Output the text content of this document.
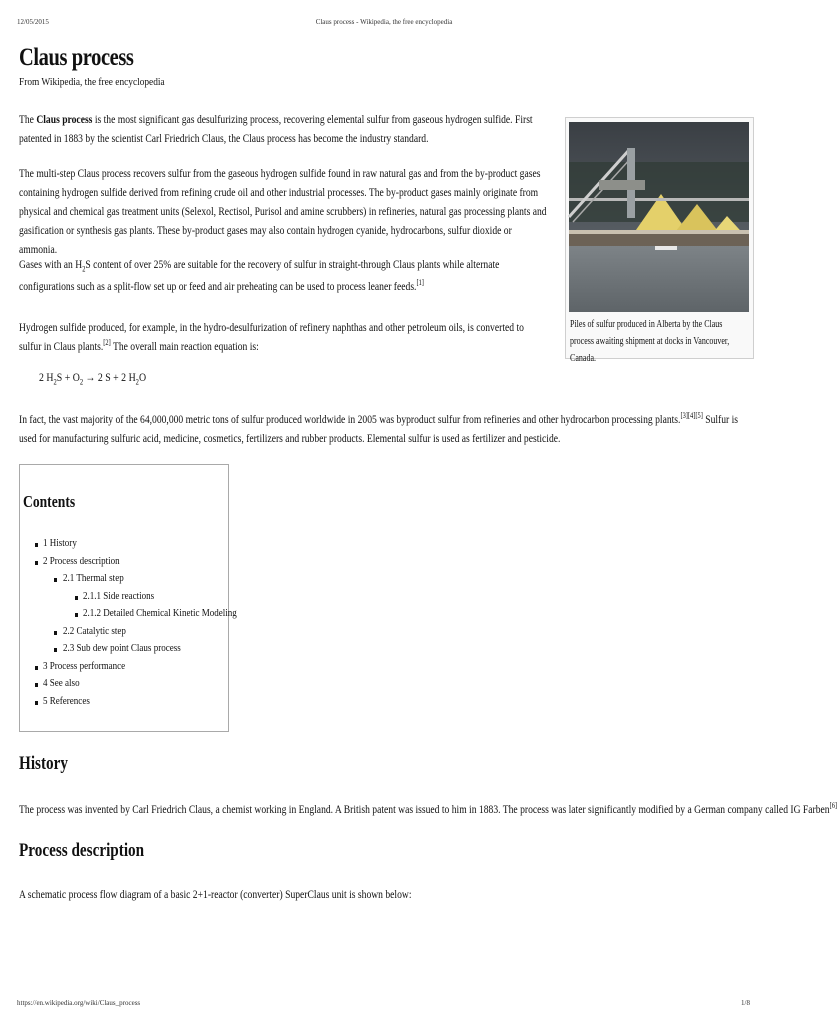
12/05/2015	Claus process - Wikipedia, the free encyclopedia
Claus process
From Wikipedia, the free encyclopedia
Piles of sulfur produced in Alberta by the Claus process awaiting shipment at docks in Vancouver, Canada.
The Claus process is the most significant gas desulfurizing process, recovering elemental sulfur from gaseous hydrogen sulfide. First patented in 1883 by the scientist Carl Friedrich Claus, the Claus process has become the industry standard.
The multi-step Claus process recovers sulfur from the gaseous hydrogen sulfide found in raw natural gas and from the by-product gases containing hydrogen sulfide derived from refining crude oil and other industrial processes. The by-product gases mainly originate from physical and chemical gas treatment units (Selexol, Rectisol, Purisol and amine scrubbers) in refineries, natural gas processing plants and gasification or synthesis gas plants. These by-product gases may also contain hydrogen cyanide, hydrocarbons, sulfur dioxide or ammonia.
Gases with an $H_2S$ content of over 25% are suitable for the recovery of sulfur in straight-through Claus plants while alternate configurations such as a split-flow set up or feed and air preheating can be used to process leaner feeds.[1]
Hydrogen sulfide produced, for example, in the hydro-desulfurization of refinery naphthas and other petroleum oils, is converted to sulfur in Claus plants.[2] The overall main reaction equation is:
2 $H_2S + O_2 \to 2$ S + 2 $H_2O$
In fact, the vast majority of the 64,000,000 metric tons of sulfur produced worldwide in 2005 was byproduct sulfur from refineries and other hydrocarbon processing plants.[3][4][5] Sulfur is used for manufacturing sulfuric acid, medicine, cosmetics, fertilizers and rubber products. Elemental sulfur is used as fertilizer and pesticide.
Contents
1 History
2 Process description
2.1 Thermal step
2.1.1 Side reactions
2.1.2 Detailed Chemical Kinetic Modeling
2.2 Catalytic step
2.3 Sub dew point Claus process
3 Process performance
4 See also
5 References
History
The process was invented by Carl Friedrich Claus, a chemist working in England. A British patent was issued to him in 1883. The process was later significantly modified by a German company called IG Farben[6]
Process description
A schematic process flow diagram of a basic 2+1-reactor (converter) SuperClaus unit is shown below:
https://en.wikipedia.org/wiki/Claus_process	1/8
